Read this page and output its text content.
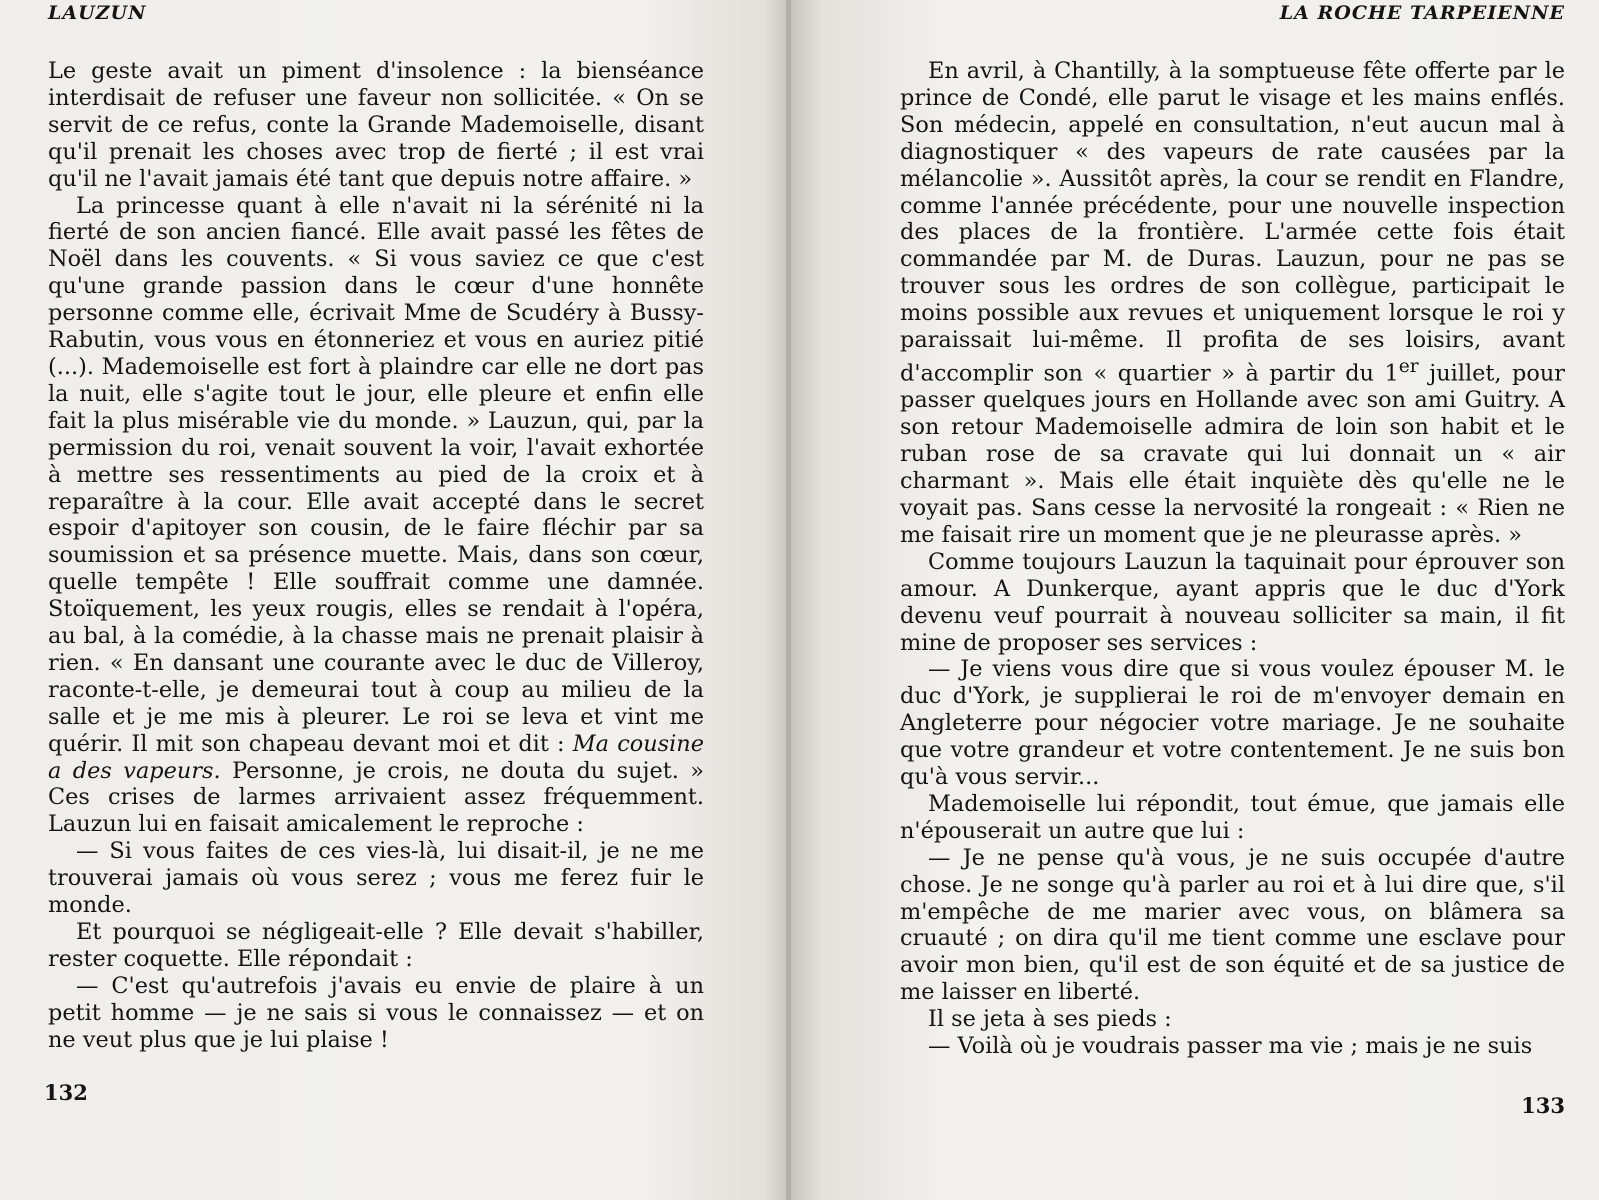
LAUZUN

Le geste avait un piment d'insolence : la bienséance interdisait de refuser une faveur non sollicitée. « On se servit de ce refus, conte la Grande Mademoiselle, disant qu'il prenait les choses avec trop de fierté ; il est vrai qu'il ne l'avait jamais été tant que depuis notre affaire. »

La princesse quant à elle n'avait ni la sérénité ni la fierté de son ancien fiancé. Elle avait passé les fêtes de Noël dans les couvents. « Si vous saviez ce que c'est qu'une grande passion dans le cœur d'une honnête personne comme elle, écrivait Mme de Scudéry à Bussy-Rabutin, vous vous en étonneriez et vous en auriez pitié (...). Mademoiselle est fort à plaindre car elle ne dort pas la nuit, elle s'agite tout le jour, elle pleure et enfin elle fait la plus misérable vie du monde. » Lauzun, qui, par la permission du roi, venait souvent la voir, l'avait exhortée à mettre ses ressentiments au pied de la croix et à reparaître à la cour. Elle avait accepté dans le secret espoir d'apitoyer son cousin, de le faire fléchir par sa soumission et sa présence muette. Mais, dans son cœur, quelle tempête ! Elle souffrait comme une damnée. Stoïquement, les yeux rougis, elles se rendait à l'opéra, au bal, à la comédie, à la chasse mais ne prenait plaisir à rien. « En dansant une courante avec le duc de Villeroy, raconte-t-elle, je demeurai tout à coup au milieu de la salle et je me mis à pleurer. Le roi se leva et vint me quérir. Il mit son chapeau devant moi et dit : Ma cousine a des vapeurs. Personne, je crois, ne douta du sujet. » Ces crises de larmes arrivaient assez fréquemment. Lauzun lui en faisait amicalement le reproche :

— Si vous faites de ces vies-là, lui disait-il, je ne me trouverai jamais où vous serez ; vous me ferez fuir le monde.

Et pourquoi se négligeait-elle ? Elle devait s'habiller, rester coquette. Elle répondait :

— C'est qu'autrefois j'avais eu envie de plaire à un petit homme — je ne sais si vous le connaissez — et on ne veut plus que je lui plaise !

132

LA ROCHE TARPEIENNE

En avril, à Chantilly, à la somptueuse fête offerte par le prince de Condé, elle parut le visage et les mains enflés. Son médecin, appelé en consultation, n'eut aucun mal à diagnostiquer « des vapeurs de rate causées par la mélancolie ». Aussitôt après, la cour se rendit en Flandre, comme l'année précédente, pour une nouvelle inspection des places de la frontière. L'armée cette fois était commandée par M. de Duras. Lauzun, pour ne pas se trouver sous les ordres de son collègue, participait le moins possible aux revues et uniquement lorsque le roi y paraissait lui-même. Il profita de ses loisirs, avant d'accomplir son « quartier » à partir du 1er juillet, pour passer quelques jours en Hollande avec son ami Guitry. A son retour Mademoiselle admira de loin son habit et le ruban rose de sa cravate qui lui donnait un « air charmant ». Mais elle était inquiète dès qu'elle ne le voyait pas. Sans cesse la nervosité la rongeait : « Rien ne me faisait rire un moment que je ne pleurasse après. »

Comme toujours Lauzun la taquinait pour éprouver son amour. A Dunkerque, ayant appris que le duc d'York devenu veuf pourrait à nouveau solliciter sa main, il fit mine de proposer ses services :

— Je viens vous dire que si vous voulez épouser M. le duc d'York, je supplierai le roi de m'envoyer demain en Angleterre pour négocier votre mariage. Je ne souhaite que votre grandeur et votre contentement. Je ne suis bon qu'à vous servir...

Mademoiselle lui répondit, tout émue, que jamais elle n'épouserait un autre que lui :

— Je ne pense qu'à vous, je ne suis occupée d'autre chose. Je ne songe qu'à parler au roi et à lui dire que, s'il m'empêche de me marier avec vous, on blâmera sa cruauté ; on dira qu'il me tient comme une esclave pour avoir mon bien, qu'il est de son équité et de sa justice de me laisser en liberté.

Il se jeta à ses pieds :

— Voilà où je voudrais passer ma vie ; mais je ne suis

133
